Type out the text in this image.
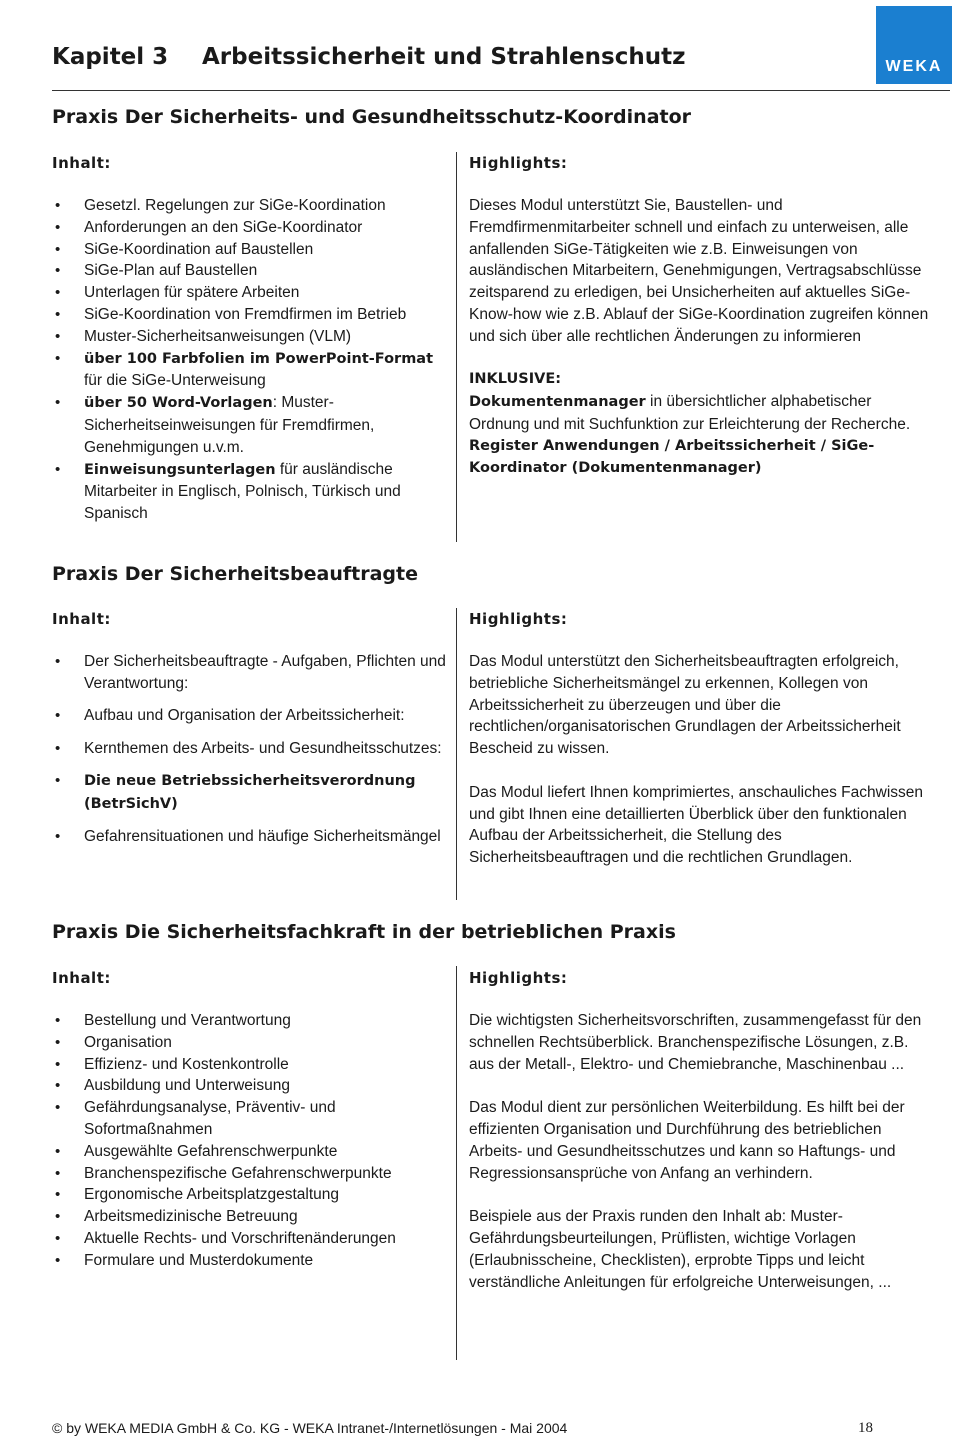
WEKA
Kapitel 3 Arbeitssicherheit und Strahlenschutz
Praxis Der Sicherheits- und Gesundheitsschutz-Koordinator
Inhalt:	Highlights:
• Gesetzl. Regelungen zur SiGe-Koordination
• Anforderungen an den SiGe-Koordinator
• SiGe-Koordination auf Baustellen
• SiGe-Plan auf Baustellen
• Unterlagen für spätere Arbeiten
• SiGe-Koordination von Fremdfirmen im Betrieb
• Muster-Sicherheitsanweisungen (VLM)
• über 100 Farbfolien im PowerPoint-Format für die SiGe-Unterweisung
• über 50 Word-Vorlagen: Muster-Sicherheitseinweisungen für Fremdfirmen, Genehmigungen u.v.m.
• Einweisungsunterlagen für ausländische Mitarbeiter in Englisch, Polnisch, Türkisch und Spanisch

Dieses Modul unterstützt Sie, Baustellen- und Fremdfirmenmitarbeiter schnell und einfach zu unterweisen, alle anfallenden SiGe-Tätigkeiten wie z.B. Einweisungen von ausländischen Mitarbeitern, Genehmigungen, Vertragsabschlüsse zeitsparend zu erledigen, bei Unsicherheiten auf aktuelles SiGe-Know-how wie z.B. Ablauf der SiGe-Koordination zugreifen können und sich über alle rechtlichen Änderungen zu informieren

INKLUSIVE:
Dokumentenmanager in übersichtlicher alphabetischer Ordnung und mit Suchfunktion zur Erleichterung der Recherche.
Register Anwendungen / Arbeitssicherheit / SiGe-Koordinator (Dokumentenmanager)
Praxis Der Sicherheitsbeauftragte
Inhalt:	Highlights:
• Der Sicherheitsbeauftragte - Aufgaben, Pflichten und Verantwortung:
• Aufbau und Organisation der Arbeitssicherheit:
• Kernthemen des Arbeits- und Gesundheitsschutzes:
• Die neue Betriebssicherheitsverordnung (BetrSichV)
• Gefahrensituationen und häufige Sicherheitsmängel

Das Modul unterstützt den Sicherheitsbeauftragten erfolgreich, betriebliche Sicherheitsmängel zu erkennen, Kollegen von Arbeitssicherheit zu überzeugen und über die rechtlichen/organisatorischen Grundlagen der Arbeitssicherheit Bescheid zu wissen.

Das Modul liefert Ihnen komprimiertes, anschauliches Fachwissen und gibt Ihnen eine detaillierten Überblick über den funktionalen Aufbau der Arbeitssicherheit, die Stellung des Sicherheitsbeauftragen und die rechtlichen Grundlagen.

Praxis Die Sicherheitsfachkraft in der betrieblichen Praxis
Inhalt:	Highlights:
• Bestellung und Verantwortung
• Organisation
• Effizienz- und Kostenkontrolle
• Ausbildung und Unterweisung
• Gefährdungsanalyse, Präventiv- und Sofortmaßnahmen
• Ausgewählte Gefahrenschwerpunkte
• Branchenspezifische Gefahrenschwerpunkte
• Ergonomische Arbeitsplatzgestaltung
• Arbeitsmedizinische Betreuung
• Aktuelle Rechts- und Vorschriftenänderungen
• Formulare und Musterdokumente

Die wichtigsten Sicherheitsvorschriften, zusammengefasst für den schnellen Rechtsüberblick. Branchenspezifische Lösungen, z.B. aus der Metall-, Elektro- und Chemiebranche, Maschinenbau ...

Das Modul dient zur persönlichen Weiterbildung. Es hilft bei der effizienten Organisation und Durchführung des betrieblichen Arbeits- und Gesundheitsschutzes und kann so Haftungs- und Regressionsansprüche von Anfang an verhindern.

Beispiele aus der Praxis runden den Inhalt ab: Muster-Gefährdungsbeurteilungen, Prüflisten, wichtige Vorlagen (Erlaubnisscheine, Checklisten), erprobte Tipps und leicht verständliche Anleitungen für erfolgreiche Unterweisungen, ...

© by WEKA MEDIA GmbH & Co. KG - WEKA Intranet-/Internetlösungen - Mai 2004	18
